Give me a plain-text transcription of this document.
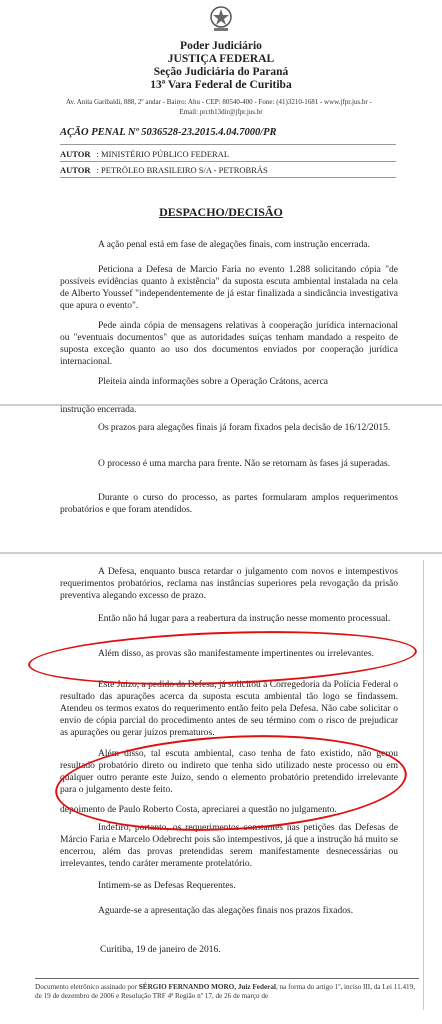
Poder Judiciário
JUSTIÇA FEDERAL
Seção Judiciária do Paraná
13ª Vara Federal de Curitiba
Av. Anita Garibaldi, 888, 2º andar - Bairro: Ahu - CEP: 80540-400 - Fone: (41)3210-1681 - www.jfpr.jus.br -
Email: prctb13dir@jfpr.jus.br
AÇÃO PENAL Nº 5036528-23.2015.4.04.7000/PR
AUTOR : MINISTÉRIO PÚBLICO FEDERAL
AUTOR : PETRÓLEO BRASILEIRO S/A - PETROBRÁS
DESPACHO/DECISÃO

A ação penal está em fase de alegações finais, com instrução encerrada.

Peticiona a Defesa de Marcio Faria no evento 1.288 solicitando cópia "de possíveis evidências quanto à existência" da suposta escuta ambiental instalada na cela de Alberto Youssef "independentemente de já estar finalizada a sindicância investigativa que apura o evento".

Pede ainda cópia de mensagens relativas à cooperação jurídica internacional ou "eventuais documentos" que as autoridades suíças tenham mandado a respeito de suposta exceção quanto ao uso dos documentos enviados por cooperação jurídica internacional.

Pleiteia ainda informações sobre a Operação Crátons, acerca

instrução encerrada.

Os prazos para alegações finais já foram fixados pela decisão de 16/12/2015.

O processo é uma marcha para frente. Não se retornam às fases já superadas.

Durante o curso do processo, as partes formularam amplos requerimentos probatórios e que foram atendidos.

A Defesa, enquanto busca retardar o julgamento com novos e intempestivos requerimentos probatórios, reclama nas instâncias superiores pela revogação da prisão preventiva alegando excesso de prazo.

Então não há lugar para a reabertura da instrução nesse momento processual.

Além disso, as provas são manifestamente impertinentes ou irrelevantes.

Este Juízo, a pedido da Defesa, já solicitou à Corregedoria da Polícia Federal o resultado das apurações acerca da suposta escuta ambiental tão logo se findassem. Atendeu os termos exatos do requerimento então feito pela Defesa. Não cabe solicitar o envio de cópia parcial do procedimento antes de seu término com o risco de prejudicar as apurações ou gerar juízos prematuros.

Além disso, tal escuta ambiental, caso tenha de fato existido, não gerou resultado probatório direto ou indireto que tenha sido utilizado neste processo ou em qualquer outro perante este Juízo, sendo o elemento probatório pretendido irrelevante para o julgamento deste feito.

depoimento de Paulo Roberto Costa, apreciarei a questão no julgamento.

Indefiro, portanto, os requerimentos constantes nas petições das Defesas de Márcio Faria e Marcelo Odebrecht pois são intempestivos, já que a instrução há muito se encerrou, além das provas pretendidas serem manifestamente desnecessárias ou irrelevantes, tendo caráter meramente protelatório.

Intimem-se as Defesas Requerentes.

Aguarde-se a apresentação das alegações finais nos prazos fixados.

Curitiba, 19 de janeiro de 2016.
Documento eletrônico assinado por SÉRGIO FERNANDO MORO, Juiz Federal, na forma do artigo 1º, inciso III, da Lei 11.419, de 19 de dezembro de 2006 e Resolução TRF 4ª Região nº 17, de 26 de março de
